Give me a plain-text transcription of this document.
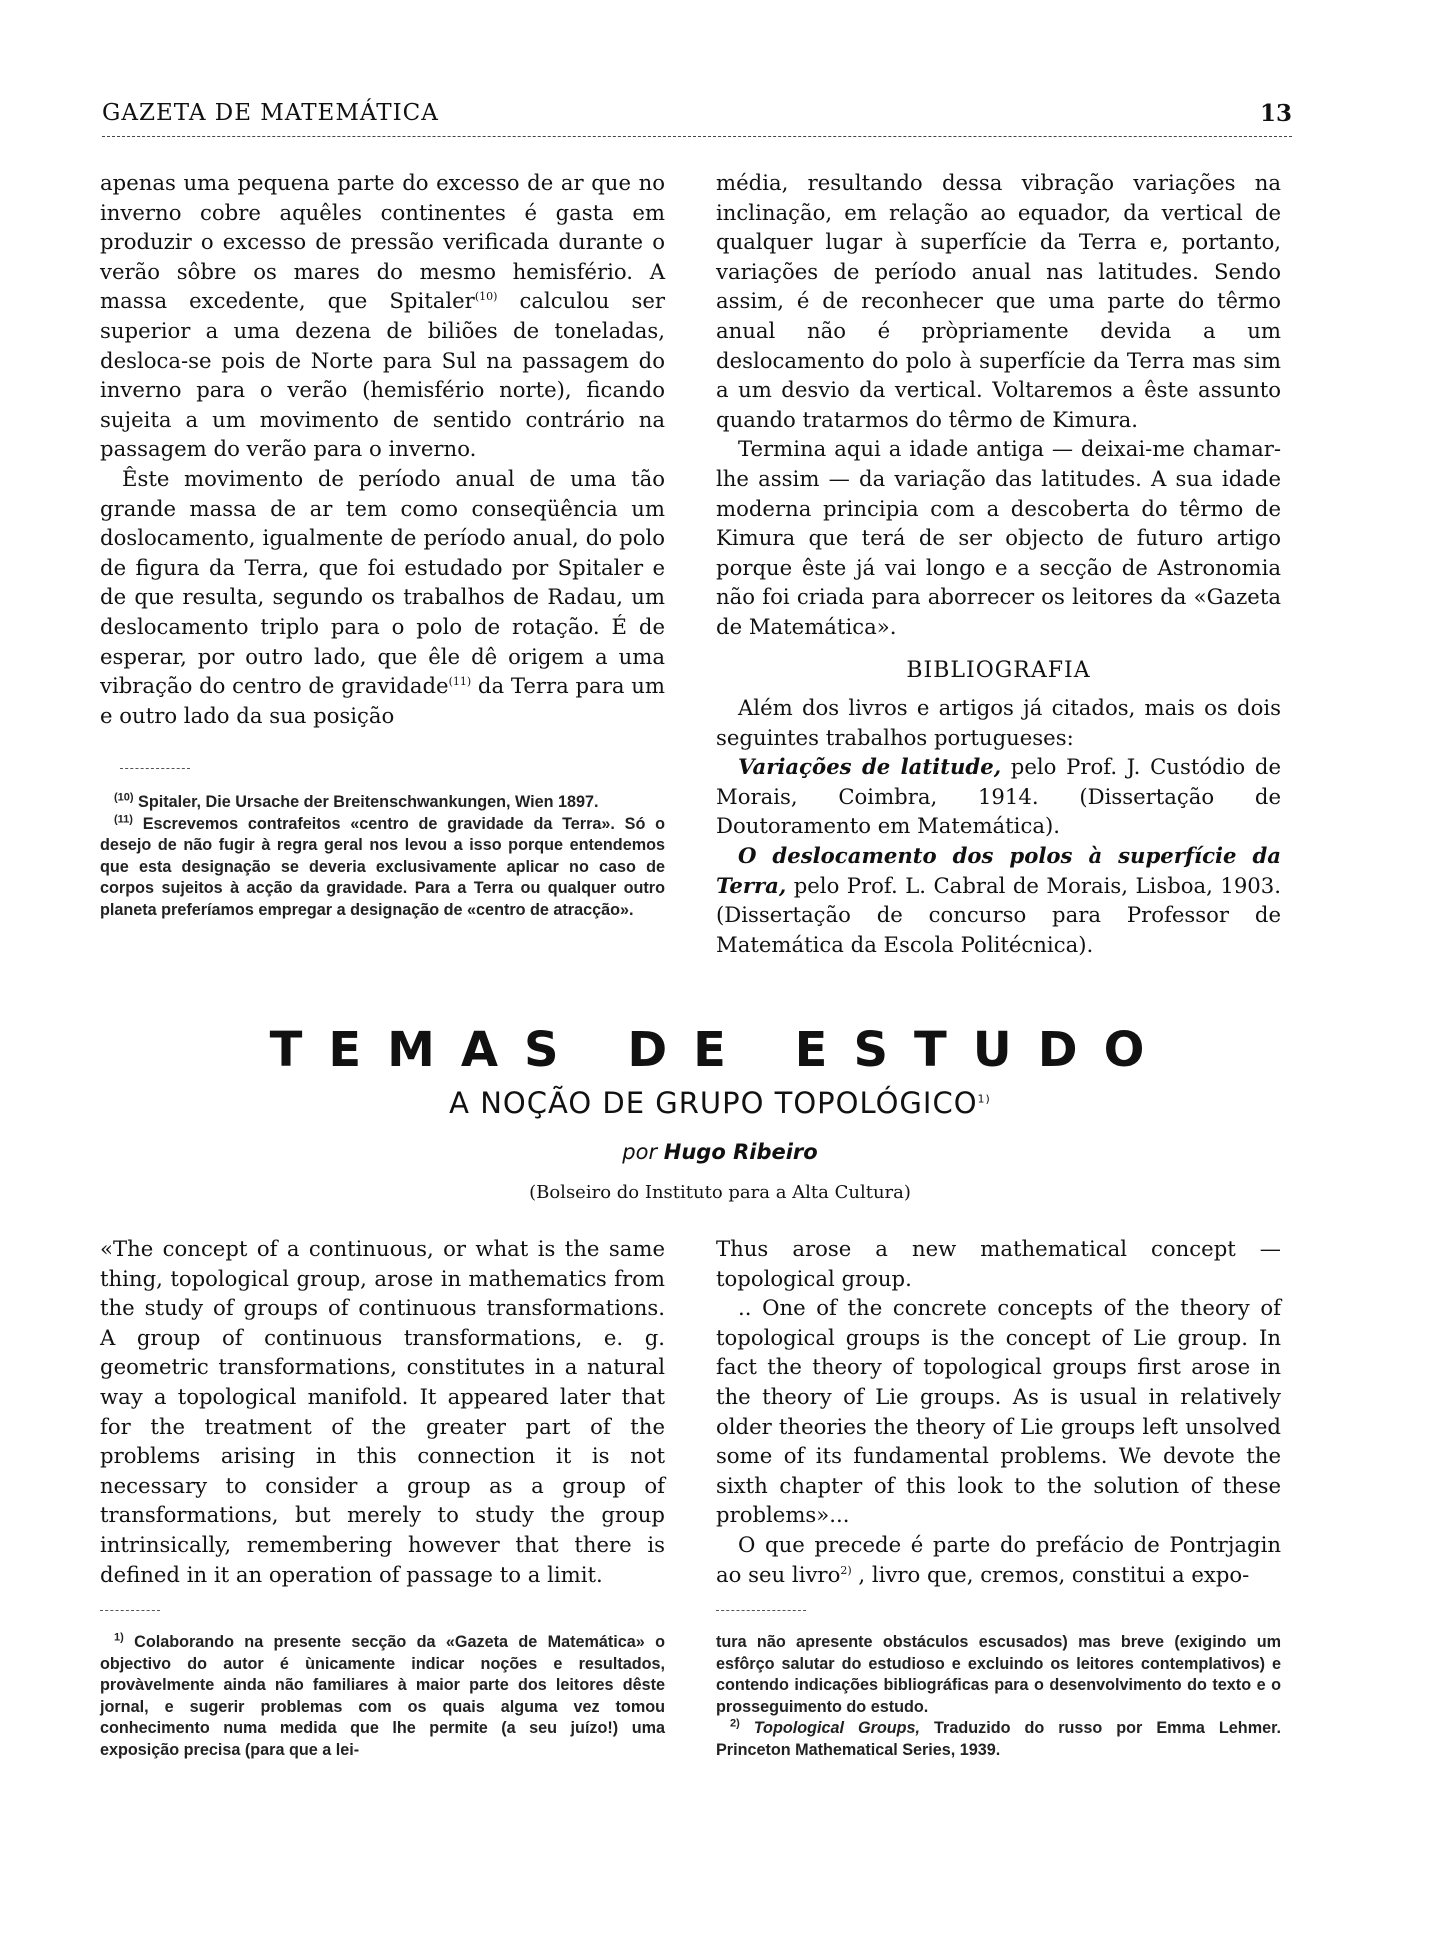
GAZETA DE MATEMÁTICA	13

apenas uma pequena parte do excesso de ar que no inverno cobre aquêles continentes é gasta em produzir o excesso de pressão verificada durante o verão sôbre os mares do mesmo hemisfério. A massa excedente, que Spitaler$^{(10)}$ calculou ser superior a uma dezena de biliões de toneladas, desloca-se pois de Norte para Sul na passagem do inverno para o verão (hemisfério norte), ficando sujeita a um movimento de sentido contrário na passagem do verão para o inverno.

Êste movimento de período anual de uma tão grande massa de ar tem como conseqüência um doslocamento, igualmente de período anual, do polo de figura da Terra, que foi estudado por Spitaler e de que resulta, segundo os trabalhos de Radau, um deslocamento triplo para o polo de rotação. É de esperar, por outro lado, que êle dê origem a uma vibração do centro de gravidade$^{(11)}$ da Terra para um e outro lado da sua posição

$^{(10)}$ Spitaler, Die Ursache der Breitenschwankungen, Wien 1897.

$^{(11)}$ Escrevemos contrafeitos «centro de gravidade da Terra». Só o desejo de não fugir à regra geral nos levou a isso porque entendemos que esta designação se deveria exclusivamente aplicar no caso de corpos sujeitos à acção da gravidade. Para a Terra ou qualquer outro planeta preferíamos empregar a designação de «centro de atracção».

média, resultando dessa vibração variações na inclinação, em relação ao equador, da vertical de qualquer lugar à superfície da Terra e, portanto, variações de período anual nas latitudes. Sendo assim, é de reconhecer que uma parte do têrmo anual não é pròpriamente devida a um deslocamento do polo à superfície da Terra mas sim a um desvio da vertical. Voltaremos a êste assunto quando tratarmos do têrmo de Kimura.

Termina aqui a idade antiga — deixai-me chamar-lhe assim — da variação das latitudes. A sua idade moderna principia com a descoberta do têrmo de Kimura que terá de ser objecto de futuro artigo porque êste já vai longo e a secção de Astronomia não foi criada para aborrecer os leitores da «Gazeta de Matemática».

BIBLIOGRAFIA

Além dos livros e artigos já citados, mais os dois seguintes trabalhos portugueses:

Variações de latitude, pelo Prof. J. Custódio de Morais, Coimbra, 1914. (Dissertação de Doutoramento em Matemática).

O deslocamento dos polos à superfície da Terra, pelo Prof. L. Cabral de Morais, Lisboa, 1903. (Dissertação de concurso para Professor de Matemática da Escola Politécnica).

TEMAS DE ESTUDO
A NOÇÃO DE GRUPO TOPOLÓGICO$^{1)}$
por Hugo Ribeiro
(Bolseiro do Instituto para a Alta Cultura)

«The concept of a continuous, or what is the same thing, topological group, arose in mathematics from the study of groups of continuous transformations. A group of continuous transformations, e. g. geometric transformations, constitutes in a natural way a topological manifold. It appeared later that for the treatment of the greater part of the problems arising in this connection it is not necessary to consider a group as a group of transformations, but merely to study the group intrinsically, remembering however that there is defined in it an operation of passage to a limit.

$^{1)}$ Colaborando na presente secção da «Gazeta de Matemática» o objectivo do autor é ùnicamente indicar noções e resultados, provàvelmente ainda não familiares à maior parte dos leitores dêste jornal, e sugerir problemas com os quais alguma vez tomou conhecimento numa medida que lhe permite (a seu juízo!) uma exposição precisa (para que a lei-

Thus arose a new mathematical concept — topological group.

.. One of the concrete concepts of the theory of topological groups is the concept of Lie group. In fact the theory of topological groups first arose in the theory of Lie groups. As is usual in relatively older theories the theory of Lie groups left unsolved some of its fundamental problems. We devote the sixth chapter of this look to the solution of these problems»...

O que precede é parte do prefácio de Pontrjagin ao seu livro$^{2)}$ , livro que, cremos, constitui a expo-

tura não apresente obstáculos escusados) mas breve (exigindo um esfôrço salutar do estudioso e excluindo os leitores contemplativos) e contendo indicações bibliográficas para o desenvolvimento do texto e o prosseguimento do estudo.

$^{2)}$ Topological Groups, Traduzido do russo por Emma Lehmer. Princeton Mathematical Series, 1939.
